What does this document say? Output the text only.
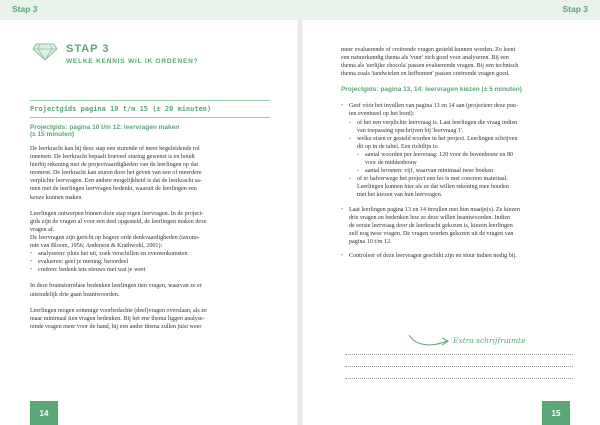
Stap 3	Stap 3
STAP 3
WELKE KENNIS WIL IK ORDENEN?
Projectgids pagina 10 t/m 15 (± 20 minuten)
Projectgids: pagina 10 t/m 12: leervragen maken
(± 15 minuten)

De leerkracht kan bij deze stap een sturende of meer begeleidende rol
innemen. De leerkracht bepaalt hoeveel sturing gewenst is en houdt
hierbij rekening met de projectvaardigheden van de leerlingen op dat
moment. De leerkracht kan sturen door het geven van een of meerdere
verplichte leervragen. Een andere mogelijkheid is dat de leerkracht sa-
men met de leerlingen leervragen bedenkt, waaruit de leerlingen een
keuze kunnen maken.

Leerlingen ontwerpen binnen deze stap eigen leervragen. In de project-
gids zijn de vragen al voor een deel opgesteld, de leerlingen maken deze
vragen af.
De leervragen zijn gericht op hogere orde denkvaardigheden (taxono-
mie van Bloom, 1956; Anderson & Krathwohl, 2001):

• analyseren: pluis het uit, zoek verschillen en overeenkomsten
• evalueren: geef je mening, beoordeel
• creëren: bedenk iets nieuws met wat je weet

In deze brainstormfase bedenken leerlingen tien vragen, waarvan ze er
uiteindelijk drie gaan beantwoorden.

Leerlingen mogen sommige voorbedachte (deel)vragen overslaan, als ze
maar minimaal tien vragen bedenken. Bij het ene thema liggen analyse-
rende vragen meer voor de hand, bij een ander thema zullen juist weer

14

meer evaluerende of creërende vragen gesteld kunnen worden. Zo leent
een natuurkundig thema als 'vuur' zich goed voor analyseren. Bij een
thema als 'eerlijke chocola' passen evaluerende vragen. Bij een technisch
thema zoals 'tandwielen en hefbomen' passen creërende vragen goed.

Projectgids: pagina 13, 14: leervragen kiezen (± 5 minuten)
• Geef vóór het invullen van pagina 13 en 14 aan (projecteer deze pun-
ten eventueel op het bord):
- of het een verplichte leervraag is. Laat leerlingen die vraag indien
van toepassing opschrijven bij 'leervraag 1'.
- welke eisen er gesteld worden in het project. Leerlingen schrijven
dit op in de tabel. Een richtlijn is:
- aantal woorden per leervraag: 120 voor de bovenbouw en 80
voor de middenbouw
- aantal bronnen: vijf, waarvan minimaal twee boeken
- of er halverwege het project een les is met concreet materiaal.
Leerlingen kunnen hier als ze dat willen rekening mee houden
met het kiezen van hun leervragen.
• Laat leerlingen pagina 13 en 14 invullen met hun maatje(s). Ze kiezen
drie vragen en bedenken hoe ze deze willen beantwoorden. Indien
de eerste leervraag door de leerkracht gekozen is, kiezen leerlingen
zelf nog twee vragen. De vragen worden gekozen uit de vragen van
pagina 10 t/m 12.
• Controleer of deze leervragen geschikt zijn en stuur indien nodig bij.
Extra schrijfruimte
15
